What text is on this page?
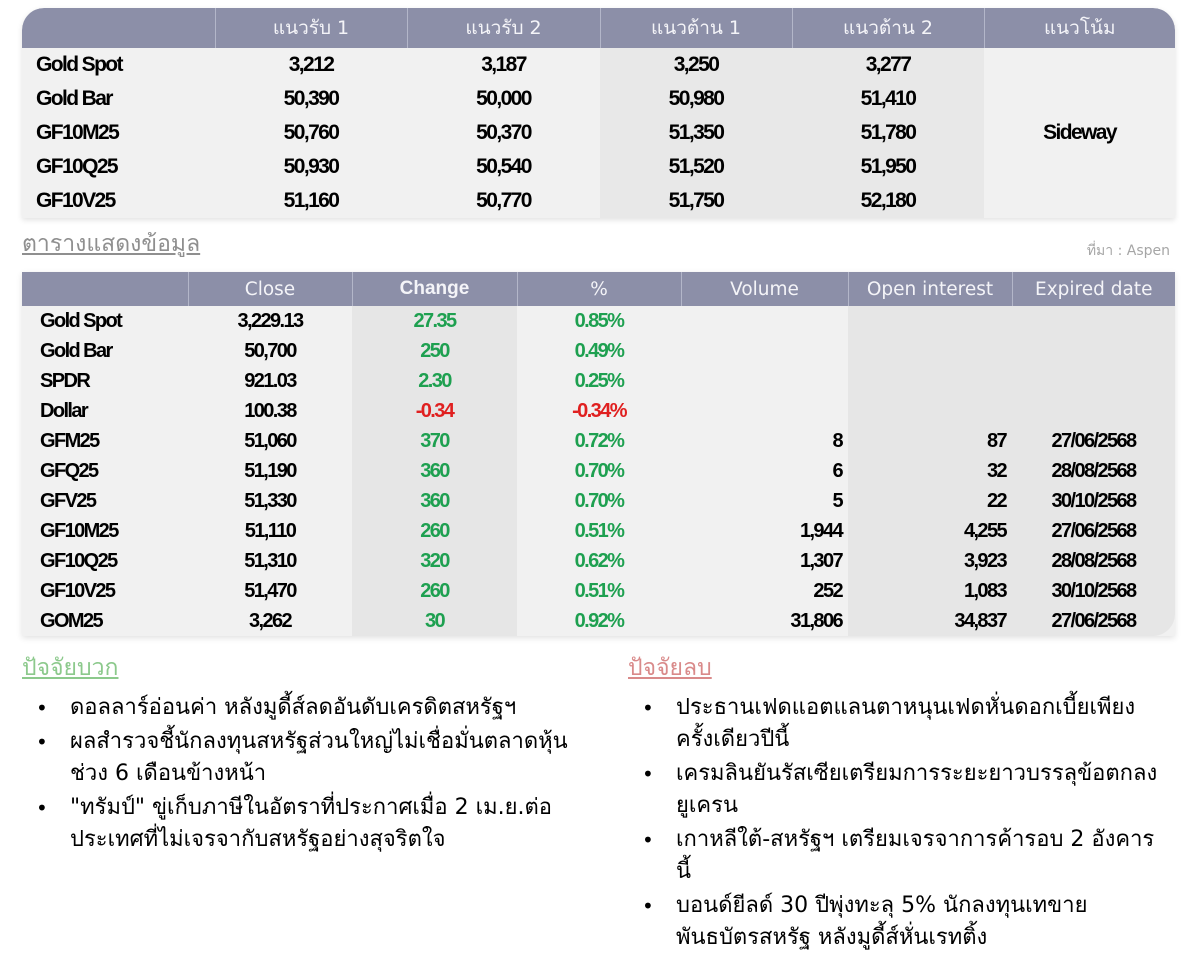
	แนวรับ 1	แนวรับ 2	แนวต้าน 1	แนวต้าน 2	แนวโน้ม
Gold Spot	3,212	3,187	3,250	3,277	Sideway
Gold Bar	50,390	50,000	50,980	51,410	
GF10M25	50,760	50,370	51,350	51,780	
GF10Q25	50,930	50,540	51,520	51,950	
GF10V25	51,160	50,770	51,750	52,180	
ตารางแสดงข้อมูล	ที่มา : Aspen
	Close	Change	%	Volume	Open interest	Expired date
Gold Spot	3,229.13	27.35	0.85%			
Gold Bar	50,700	250	0.49%			
SPDR	921.03	2.30	0.25%			
Dollar	100.38	-0.34	-0.34%			
GFM25	51,060	370	0.72%	8	87	27/06/2568
GFQ25	51,190	360	0.70%	6	32	28/08/2568
GFV25	51,330	360	0.70%	5	22	30/10/2568
GF10M25	51,110	260	0.51%	1,944	4,255	27/06/2568
GF10Q25	51,310	320	0.62%	1,307	3,923	28/08/2568
GF10V25	51,470	260	0.51%	252	1,083	30/10/2568
GOM25	3,262	30	0.92%	31,806	34,837	27/06/2568
ปัจจัยบวก
• ดอลลาร์อ่อนค่า หลังมูดี้ส์ลดอันดับเครดิตสหรัฐฯ
• ผลสำรวจชี้นักลงทุนสหรัฐส่วนใหญ่ไม่เชื่อมั่นตลาดหุ้นช่วง 6 เดือนข้างหน้า
• "ทรัมป์" ขู่เก็บภาษีในอัตราที่ประกาศเมื่อ 2 เม.ย.ต่อประเทศที่ไม่เจรจากับสหรัฐอย่างสุจริตใจ
ปัจจัยลบ
• ประธานเฟดแอตแลนตาหนุนเฟดหั่นดอกเบี้ยเพียงครั้งเดียวปีนี้
• เครมลินยันรัสเซียเตรียมการระยะยาวบรรลุข้อตกลงยูเครน
• เกาหลีใต้-สหรัฐฯ เตรียมเจรจาการค้ารอบ 2 อังคารนี้
• บอนด์ยีลด์ 30 ปีพุ่งทะลุ 5% นักลงทุนเทขายพันธบัตรสหรัฐ หลังมูดี้ส์หั่นเรทติ้ง
